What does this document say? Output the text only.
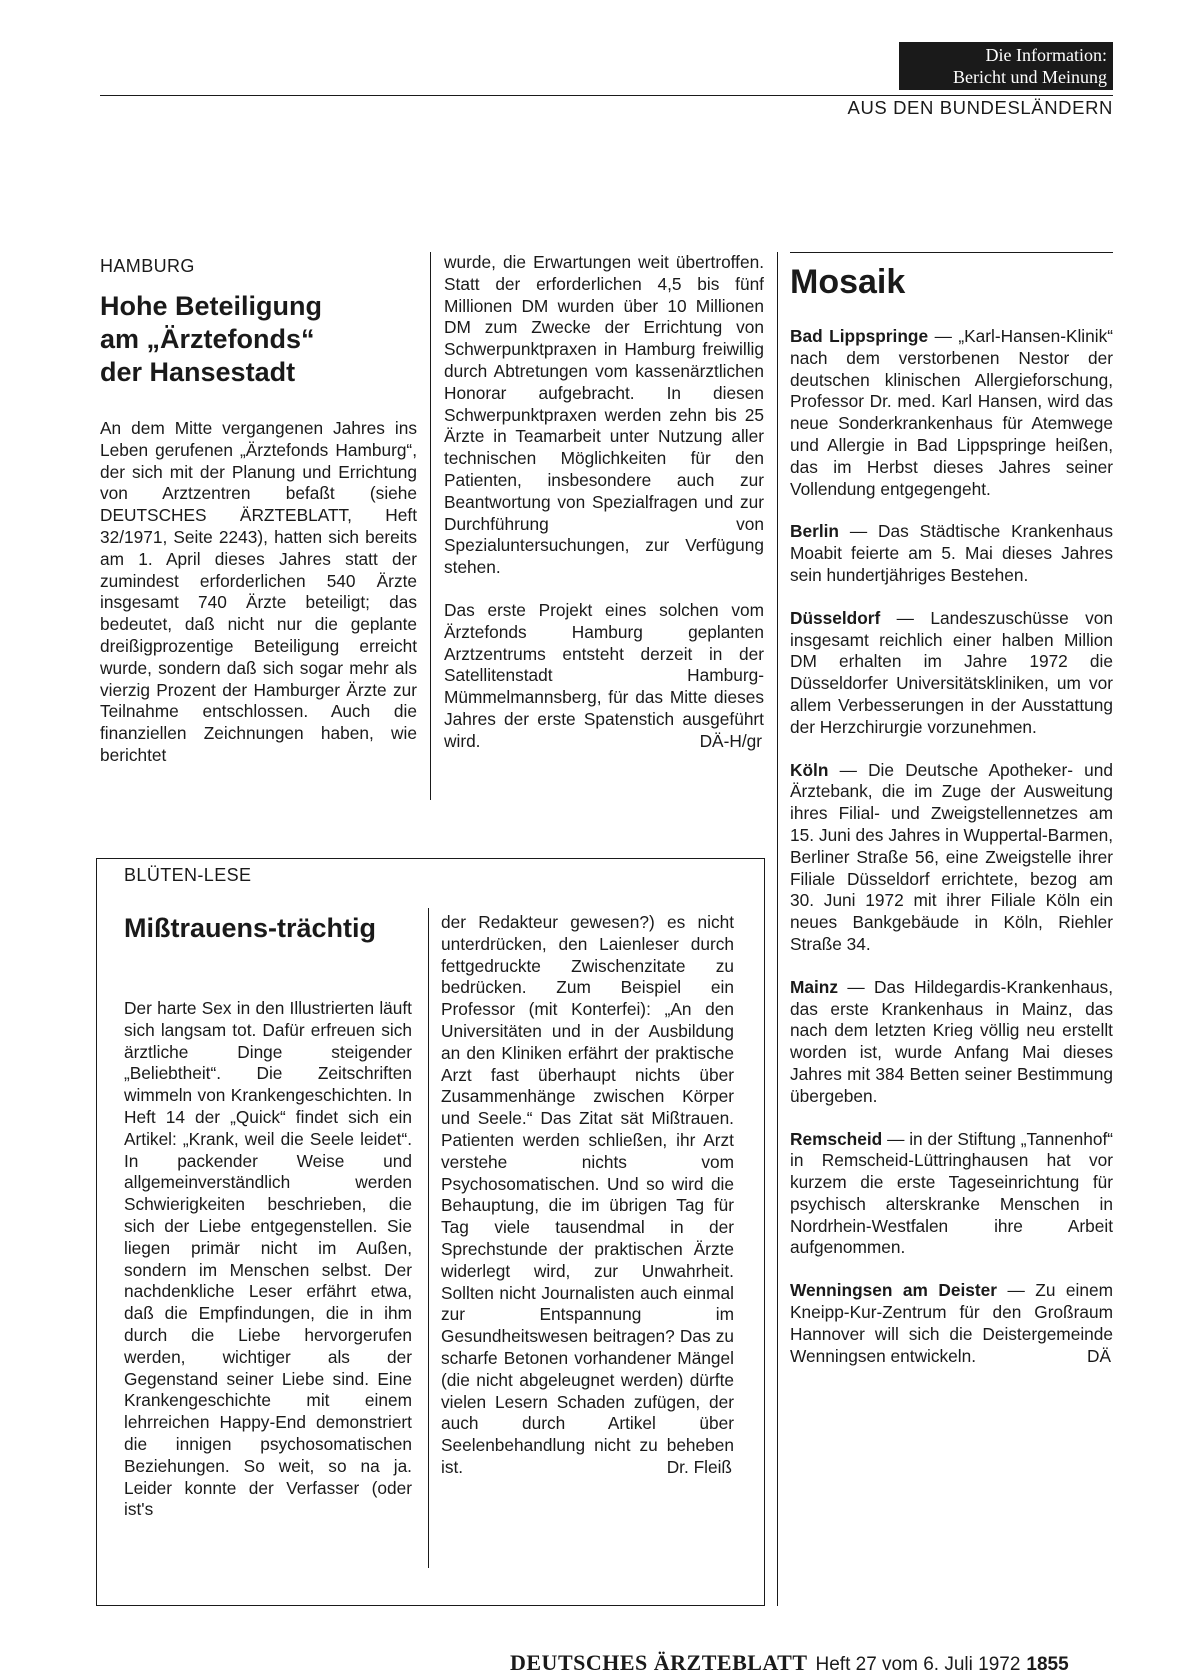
Die Information:
Bericht und Meinung
AUS DEN BUNDESLÄNDERN
HAMBURG
Hohe Beteiligung
am „Ärztefonds“
der Hansestadt

An dem Mitte vergangenen Jahres ins Leben gerufenen „Ärztefonds Hamburg“, der sich mit der Planung und Errichtung von Arztzentren befaßt (siehe DEUTSCHES ÄRZTEBLATT, Heft 32/1971, Seite 2243), hatten sich bereits am 1. April dieses Jahres statt der zumindest erforderlichen 540 Ärzte insgesamt 740 Ärzte beteiligt; das bedeutet, daß nicht nur die geplante dreißigprozentige Beteiligung erreicht wurde, sondern daß sich sogar mehr als vierzig Prozent der Hamburger Ärzte zur Teilnahme entschlossen. Auch die finanziellen Zeichnungen haben, wie berichtet

wurde, die Erwartungen weit übertroffen. Statt der erforderlichen 4,5 bis fünf Millionen DM wurden über 10 Millionen DM zum Zwecke der Errichtung von Schwerpunktpraxen in Hamburg freiwillig durch Abtretungen vom kassenärztlichen Honorar aufgebracht. In diesen Schwerpunktpraxen werden zehn bis 25 Ärzte in Teamarbeit unter Nutzung aller technischen Möglichkeiten für den Patienten, insbesondere auch zur Beantwortung von Spezialfragen und zur Durchführung von Spezialuntersuchungen, zur Verfügung stehen.

Das erste Projekt eines solchen vom Ärztefonds Hamburg geplanten Arztzentrums entsteht derzeit in der Satellitenstadt Hamburg-Mümmelmannsberg, für das Mitte dieses Jahres der erste Spatenstich ausgeführt wird.	DÄ-H/gr

BLÜTEN-LESE
Mißtrauens-trächtig

Der harte Sex in den Illustrierten läuft sich langsam tot. Dafür erfreuen sich ärztliche Dinge steigender „Beliebtheit“. Die Zeitschriften wimmeln von Krankengeschichten. In Heft 14 der „Quick“ findet sich ein Artikel: „Krank, weil die Seele leidet“. In packender Weise und allgemeinverständlich werden Schwierigkeiten beschrieben, die sich der Liebe entgegenstellen. Sie liegen primär nicht im Außen, sondern im Menschen selbst. Der nachdenkliche Leser erfährt etwa, daß die Empfindungen, die in ihm durch die Liebe hervorgerufen werden, wichtiger als der Gegenstand seiner Liebe sind. Eine Krankengeschichte mit einem lehrreichen Happy-End demonstriert die innigen psychosomatischen Beziehungen. So weit, so na ja. Leider konnte der Verfasser (oder ist's

der Redakteur gewesen?) es nicht unterdrücken, den Laienleser durch fettgedruckte Zwischenzitate zu bedrücken. Zum Beispiel ein Professor (mit Konterfei): „An den Universitäten und in der Ausbildung an den Kliniken erfährt der praktische Arzt fast überhaupt nichts über Zusammenhänge zwischen Körper und Seele.“ Das Zitat sät Mißtrauen. Patienten werden schließen, ihr Arzt verstehe nichts vom Psychosomatischen. Und so wird die Behauptung, die im übrigen Tag für Tag viele tausendmal in der Sprechstunde der praktischen Ärzte widerlegt wird, zur Unwahrheit. Sollten nicht Journalisten auch einmal zur Entspannung im Gesundheitswesen beitragen? Das zu scharfe Betonen vorhandener Mängel (die nicht abgeleugnet werden) dürfte vielen Lesern Schaden zufügen, der auch durch Artikel über Seelenbehandlung nicht zu beheben ist.	Dr. Fleiß

Mosaik

Bad Lippspringe — „Karl-Hansen-Klinik“ nach dem verstorbenen Nestor der deutschen klinischen Allergieforschung, Professor Dr. med. Karl Hansen, wird das neue Sonderkrankenhaus für Atemwege und Allergie in Bad Lippspringe heißen, das im Herbst dieses Jahres seiner Vollendung entgegengeht.

Berlin — Das Städtische Krankenhaus Moabit feierte am 5. Mai dieses Jahres sein hundertjähriges Bestehen.

Düsseldorf — Landeszuschüsse von insgesamt reichlich einer halben Million DM erhalten im Jahre 1972 die Düsseldorfer Universitätskliniken, um vor allem Verbesserungen in der Ausstattung der Herzchirurgie vorzunehmen.

Köln — Die Deutsche Apotheker- und Ärztebank, die im Zuge der Ausweitung ihres Filial- und Zweigstellennetzes am 15. Juni des Jahres in Wuppertal-Barmen, Berliner Straße 56, eine Zweigstelle ihrer Filiale Düsseldorf errichtete, bezog am 30. Juni 1972 mit ihrer Filiale Köln ein neues Bankgebäude in Köln, Riehler Straße 34.

Mainz — Das Hildegardis-Krankenhaus, das erste Krankenhaus in Mainz, das nach dem letzten Krieg völlig neu erstellt worden ist, wurde Anfang Mai dieses Jahres mit 384 Betten seiner Bestimmung übergeben.

Remscheid — in der Stiftung „Tannenhof“ in Remscheid-Lüttringhausen hat vor kurzem die erste Tageseinrichtung für psychisch alterskranke Menschen in Nordrhein-Westfalen ihre Arbeit aufgenommen.

Wenningsen am Deister — Zu einem Kneipp-Kur-Zentrum für den Großraum Hannover will sich die Deistergemeinde Wenningsen entwickeln.	DÄ

DEUTSCHES ÄRZTEBLATT Heft 27 vom 6. Juli 1972 1855
